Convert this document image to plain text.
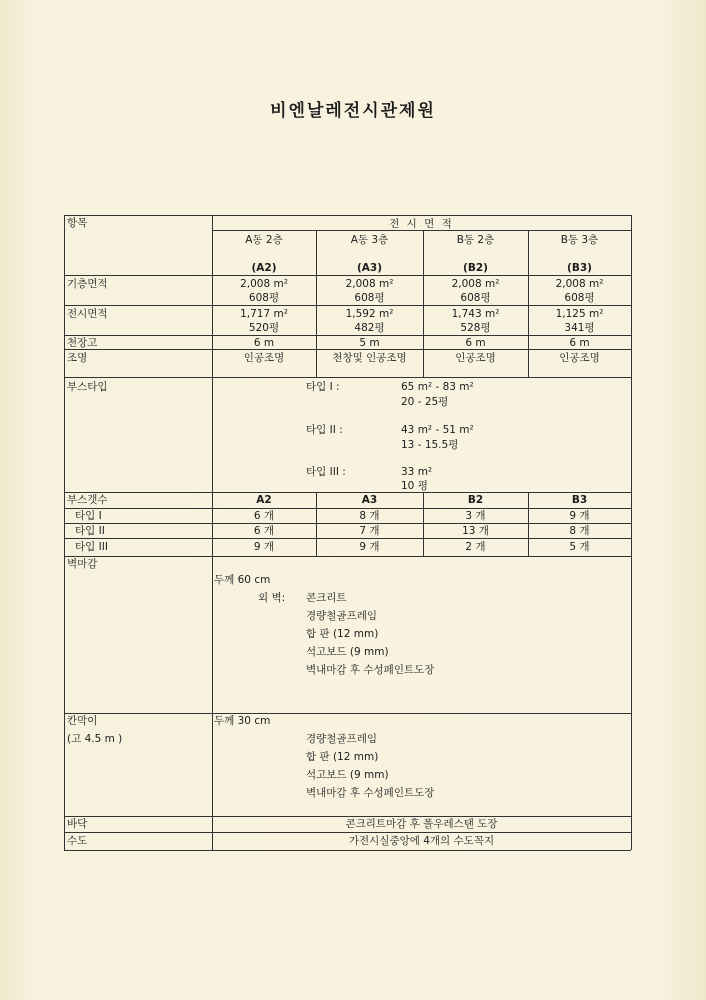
비엔날레전시관제원
항목	전 시 면 적
A동 2층	A동 3층	B동 2층	B동 3층
(A2)	(A3)	(B2)	(B3)
기층면적	2,008 m²	2,008 m²	2,008 m²	2,008 m²
608평	608평	608평	608평
전시면적	1,717 m²	1,592 m²	1,743 m²	1,125 m²
520평	482평	528평	341평
천장고	6 m	5 m	6 m	6 m
조명	인공조명	천창및 인공조명	인공조명	인공조명
부스타입	타입 I :	65 m² - 83 m²
20 - 25평
타입 II :	43 m² - 51 m²
13 - 15.5평
타입 III :	33 m²
10 평
부스갯수	A2	A3	B2	B3
타입 I	6 개	8 개	3 개	9 개
타입 II	6 개	7 개	13 개	8 개
타입 III	9 개	9 개	2 개	5 개
벽마감
두께 60 cm
외 벽: 콘크리트
경량철골프레임
합 판 (12 mm)
석고보드 (9 mm)
벽내마감 후 수성페인트도장
칸막이
(고 4.5 m )
두께 30 cm
경량철골프레임
합 판 (12 mm)
석고보드 (9 mm)
벽내마감 후 수성페인트도장
바닥	콘크리트마감 후 폴우레스탠 도장
수도	가전시실중앙에 4개의 수도꼭지
